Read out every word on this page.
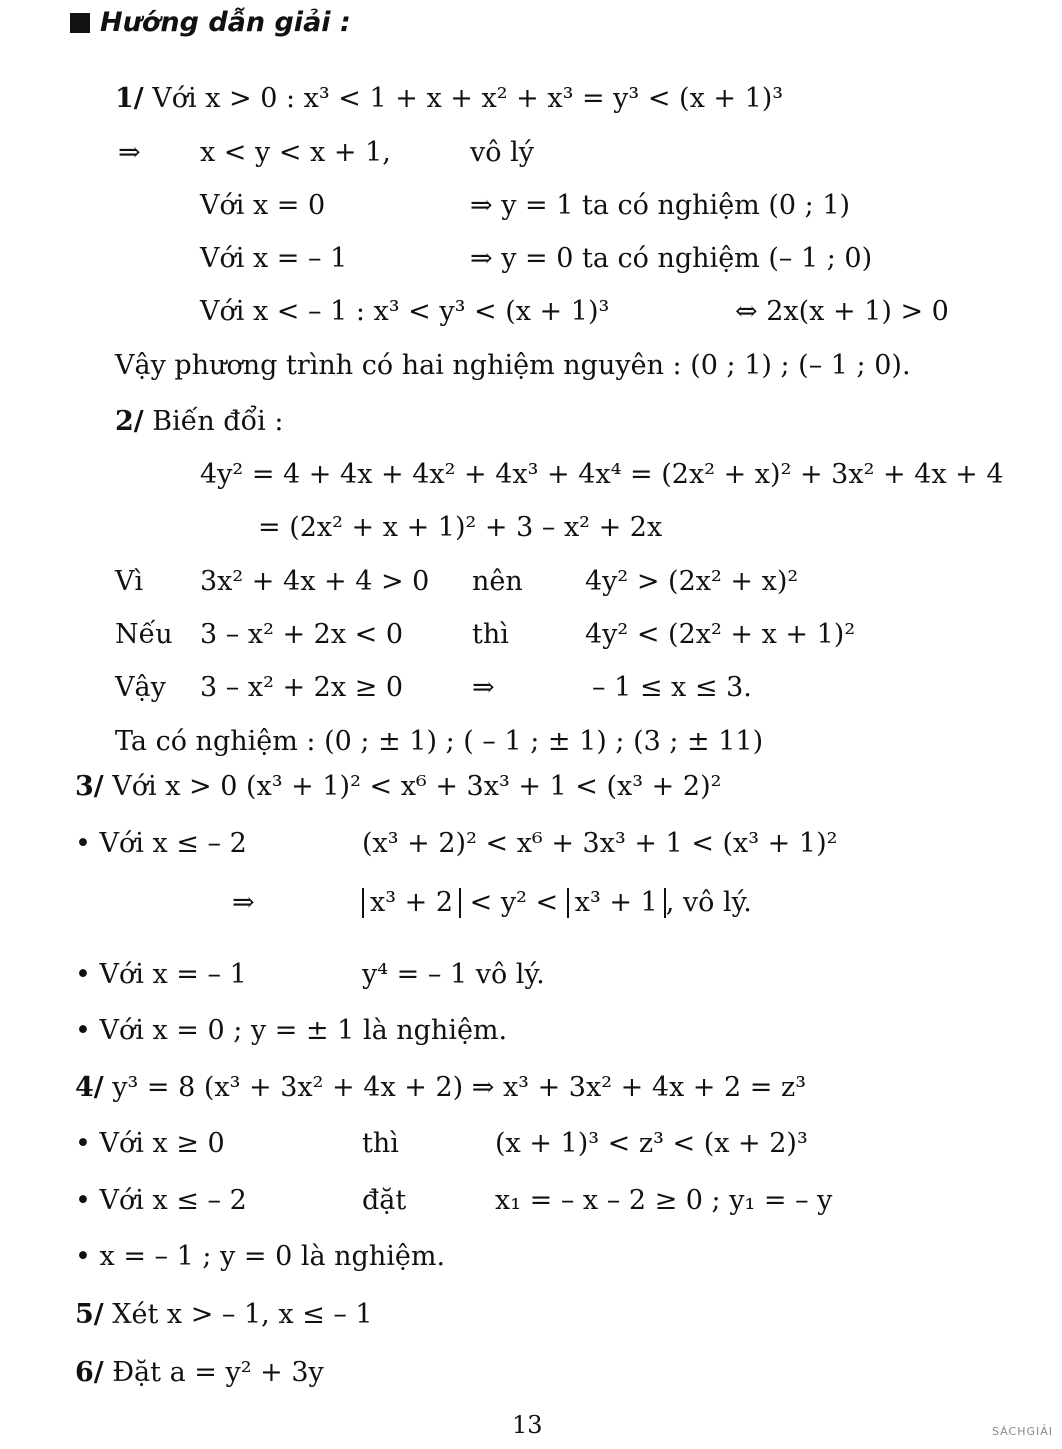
Hướng dẫn giải :
1/ Với x > 0 : x³ < 1 + x + x² + x³ = y³ < (x + 1)³
⇒ x < y < x + 1,	vô lý
Với x = 0	⇒ y = 1 ta có nghiệm (0 ; 1)
Với x = – 1	⇒ y = 0 ta có nghiệm (– 1 ; 0)
Với x < – 1 : x³ < y³ < (x + 1)³	⇔ 2x(x + 1) > 0
Vậy phương trình có hai nghiệm nguyên : (0 ; 1) ; (– 1 ; 0).
2/ Biến đổi :
4y² = 4 + 4x + 4x² + 4x³ + 4x⁴ = (2x² + x)² + 3x² + 4x + 4
= (2x² + x + 1)² + 3 – x² + 2x
Vì 3x² + 4x + 4 > 0 nên 4y² > (2x² + x)²
Nếu 3 – x² + 2x < 0	thì	4y² < (2x² + x + 1)²
Vậy 3 – x² + 2x ≥ 0	⇒	– 1 ≤ x ≤ 3.
Ta có nghiệm : (0 ; ± 1) ; ( – 1 ; ± 1) ; (3 ; ± 11)
3/ Với x > 0 (x³ + 1)² < x⁶ + 3x³ + 1 < (x³ + 2)²
• Với x ≤ – 2	(x³ + 2)² < x⁶ + 3x³ + 1 < (x³ + 1)²
⇒	x³ + 2 < y² < x³ + 1 , vô lý.
• Với x = – 1	y⁴ = – 1 vô lý.
• Với x = 0 ; y = ± 1 là nghiệm.
4/ y³ = 8 (x³ + 3x² + 4x + 2) ⇒ x³ + 3x² + 4x + 2 = z³
• Với x ≥ 0	thì	(x + 1)³ < z³ < (x + 2)³
• Với x ≤ – 2	đặt	x₁ = – x – 2 ≥ 0 ; y₁ = – y
• x = – 1 ; y = 0 là nghiệm.
5/ Xét x > – 1, x ≤ – 1
6/ Đặt a = y² + 3y
13	SÁCHGIẢI
